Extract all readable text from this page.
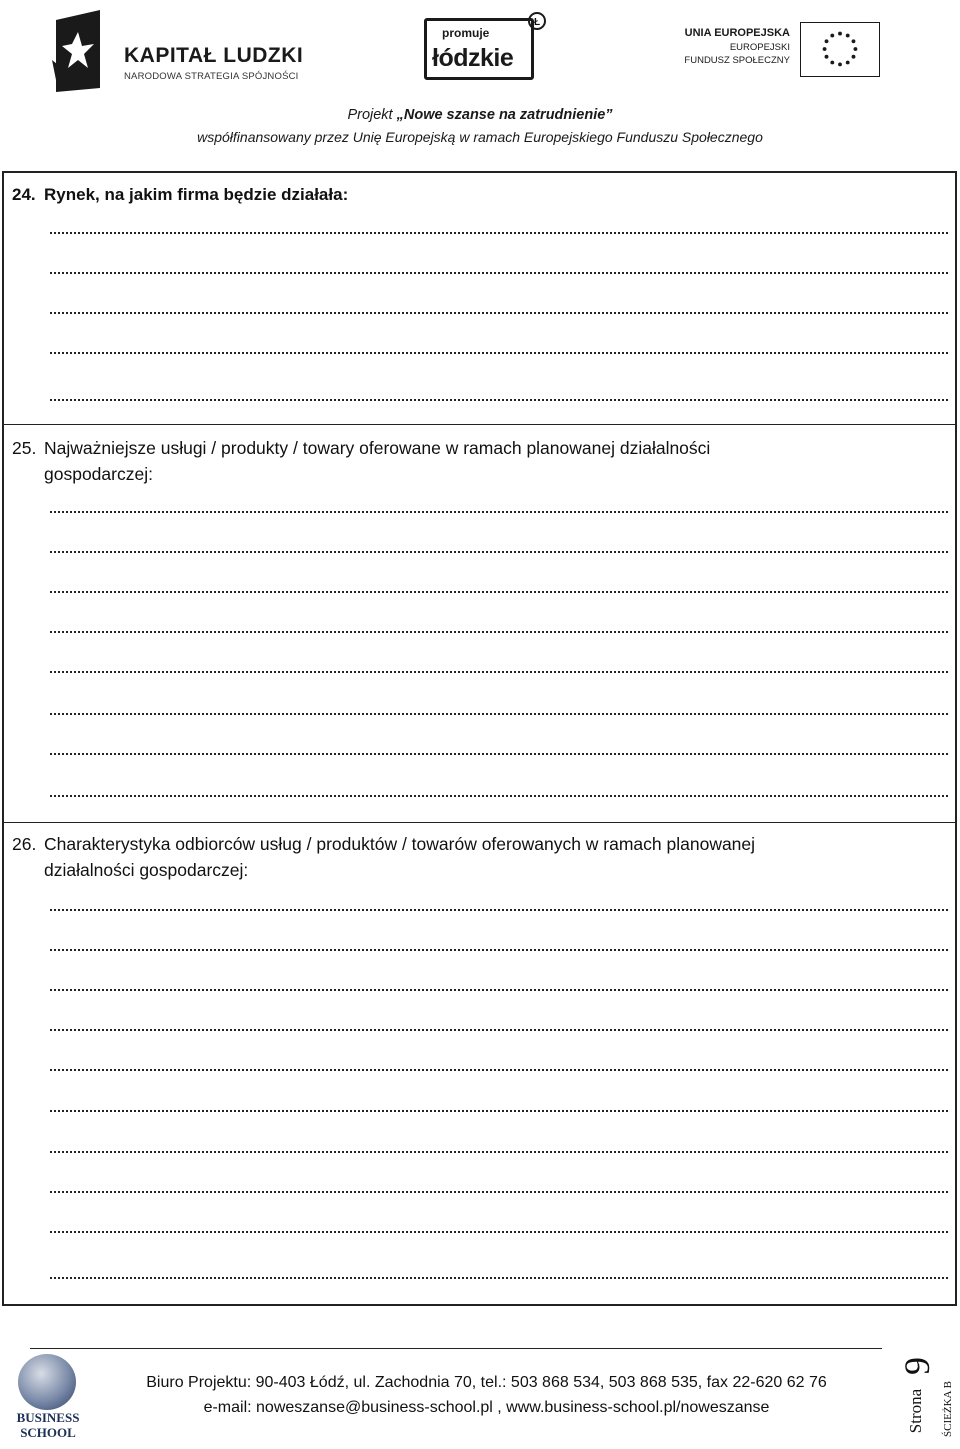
KAPITAŁ LUDZKI
NARODOWA STRATEGIA SPÓJNOŚCI
promuje
łódzkie
Ł
UNIA EUROPEJSKA
EUROPEJSKI
FUNDUSZ SPOŁECZNY
Projekt „Nowe szanse na zatrudnienie”
współfinansowany przez Unię Europejską w ramach Europejskiego Funduszu Społecznego
24. Rynek, na jakim firma będzie działała:
25. Najważniejsze usługi / produkty / towary oferowane w ramach planowanej działalności
gospodarczej:
26. Charakterystyka odbiorców usług / produktów / towarów oferowanych w ramach planowanej
działalności gospodarczej:
BUSINESS
SCHOOL
Biuro Projektu: 90-403 Łódź, ul. Zachodnia 70, tel.: 503 868 534, 503 868 535, fax 22-620 62 76
e-mail: noweszanse@business-school.pl , www.business-school.pl/noweszanse
9
Strona ŚCIEŻKA B
